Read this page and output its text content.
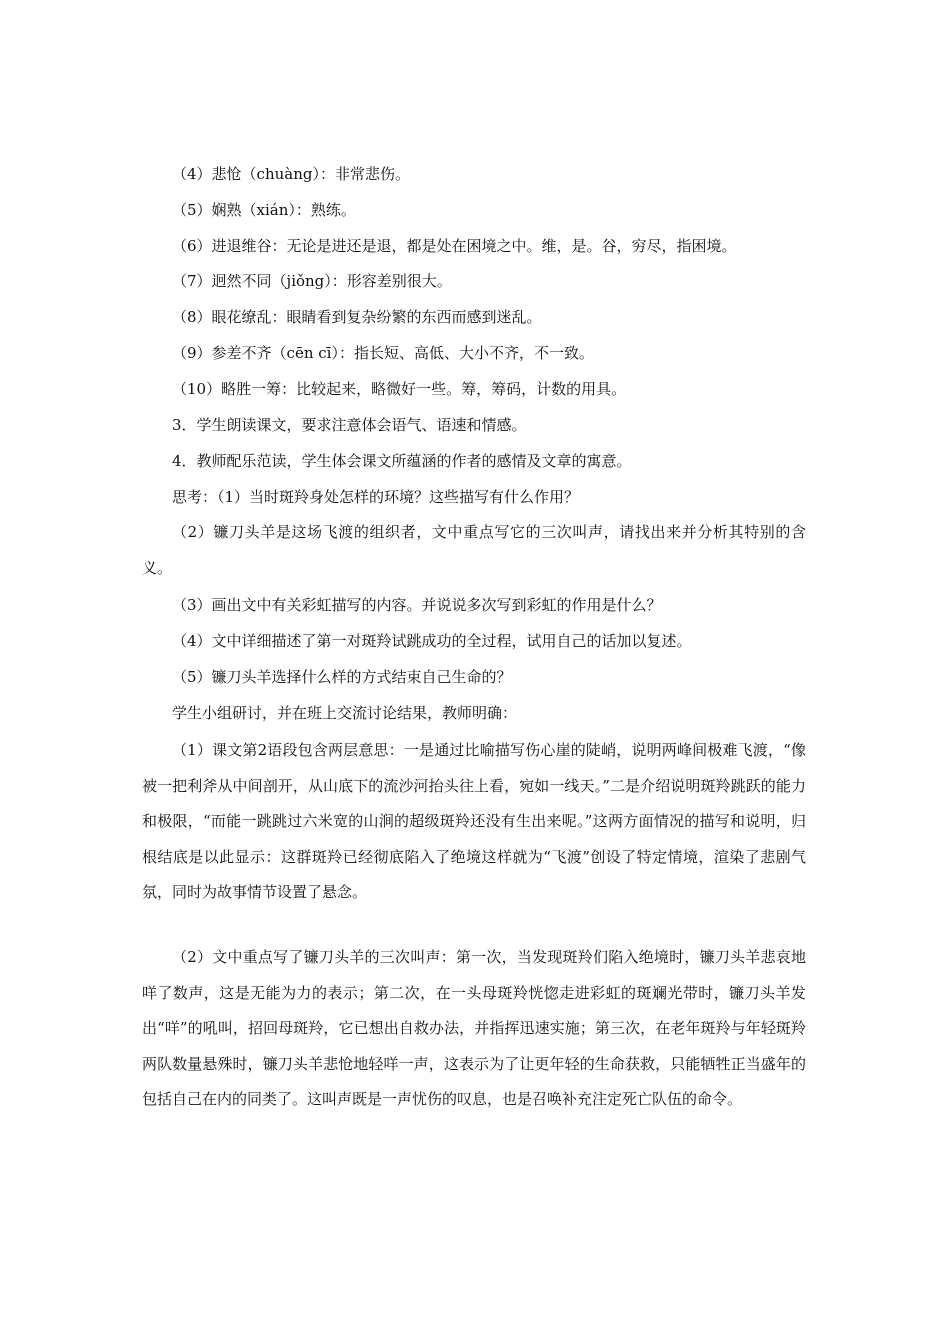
（4）悲怆（chuàng）：非常悲伤。
（5）娴熟（xián）：熟练。
（6）进退维谷：无论是进还是退，都是处在困境之中。维，是。谷，穷尽，指困境。
（7）迥然不同（jiǒng）：形容差别很大。
（8）眼花缭乱：眼睛看到复杂纷繁的东西而感到迷乱。
（9）参差不齐（cēn cī）：指长短、高低、大小不齐，不一致。
（10）略胜一筹：比较起来，略微好一些。筹，筹码，计数的用具。
3．学生朗读课文，要求注意体会语气、语速和情感。
4．教师配乐范读，学生体会课文所蕴涵的作者的感情及文章的寓意。
思考：（1）当时斑羚身处怎样的环境？这些描写有什么作用？
（2）镰刀头羊是这场飞渡的组织者，文中重点写它的三次叫声，请找出来并分析其特别的含义。
（3）画出文中有关彩虹描写的内容。并说说多次写到彩虹的作用是什么？
（4）文中详细描述了第一对斑羚试跳成功的全过程，试用自己的话加以复述。
（5）镰刀头羊选择什么样的方式结束自己生命的？
学生小组研讨，并在班上交流讨论结果，教师明确：
（1）课文第2语段包含两层意思：一是通过比喻描写伤心崖的陡峭，说明两峰间极难飞渡，“像被一把利斧从中间剖开，从山底下的流沙河抬头往上看，宛如一线天。”二是介绍说明斑羚跳跃的能力和极限，“而能一跳跳过六米宽的山涧的超级斑羚还没有生出来呢。”这两方面情况的描写和说明，归根结底是以此显示：这群斑羚已经彻底陷入了绝境这样就为“飞渡”创设了特定情境，渲染了悲剧气氛，同时为故事情节设置了悬念。
（2）文中重点写了镰刀头羊的三次叫声：第一次，当发现斑羚们陷入绝境时，镰刀头羊悲哀地咩了数声，这是无能为力的表示；第二次，在一头母斑羚恍惚走进彩虹的斑斓光带时，镰刀头羊发出“咩”的吼叫，招回母斑羚，它已想出自救办法，并指挥迅速实施；第三次，在老年斑羚与年轻斑羚两队数量悬殊时，镰刀头羊悲怆地轻咩一声，这表示为了让更年轻的生命获救，只能牺牲正当盛年的包括自己在内的同类了。这叫声既是一声忧伤的叹息，也是召唤补充注定死亡队伍的命令。
